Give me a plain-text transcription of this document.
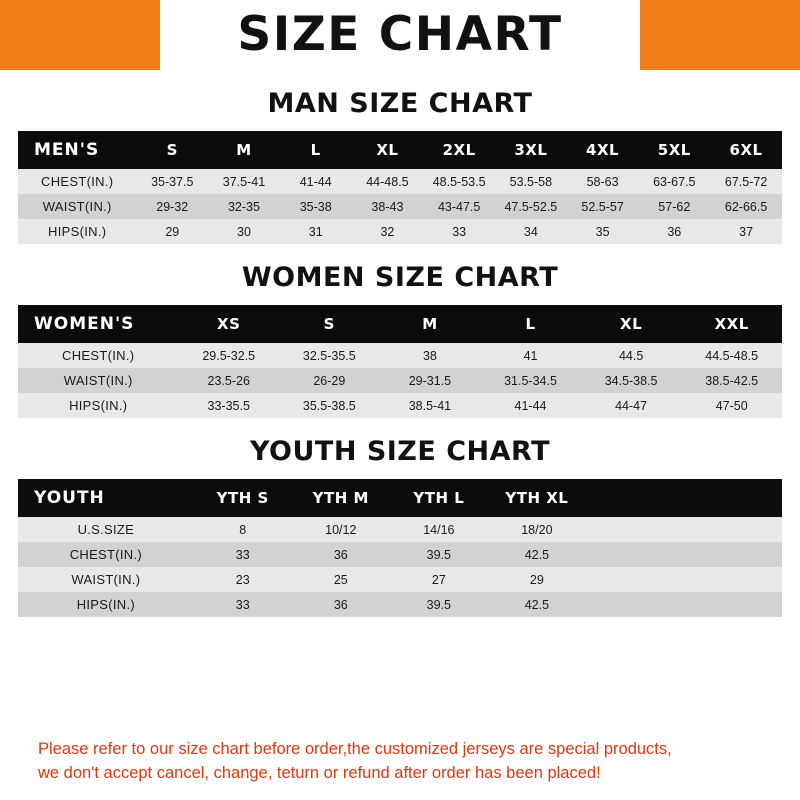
SIZE CHART
MAN SIZE CHART
MEN'S	S	M	L	XL	2XL	3XL	4XL	5XL	6XL
CHEST(IN.)	35-37.5	37.5-41	41-44	44-48.5	48.5-53.5	53.5-58	58-63	63-67.5	67.5-72
WAIST(IN.)	29-32	32-35	35-38	38-43	43-47.5	47.5-52.5	52.5-57	57-62	62-66.5
HIPS(IN.)	29	30	31	32	33	34	35	36	37
WOMEN SIZE CHART
WOMEN'S	XS	S	M	L	XL	XXL
CHEST(IN.)	29.5-32.5	32.5-35.5	38	41	44.5	44.5-48.5
WAIST(IN.)	23.5-26	26-29	29-31.5	31.5-34.5	34.5-38.5	38.5-42.5
HIPS(IN.)	33-35.5	35.5-38.5	38.5-41	41-44	44-47	47-50
YOUTH SIZE CHART
YOUTH	YTH S	YTH M	YTH L	YTH XL		
U.S.SIZE	8	10/12	14/16	18/20		
CHEST(IN.)	33	36	39.5	42.5		
WAIST(IN.)	23	25	27	29		
HIPS(IN.)	33	36	39.5	42.5		
Please refer to our size chart before order,the customized jerseys are special products,
we don't accept cancel, change, teturn or refund after order has been placed!
